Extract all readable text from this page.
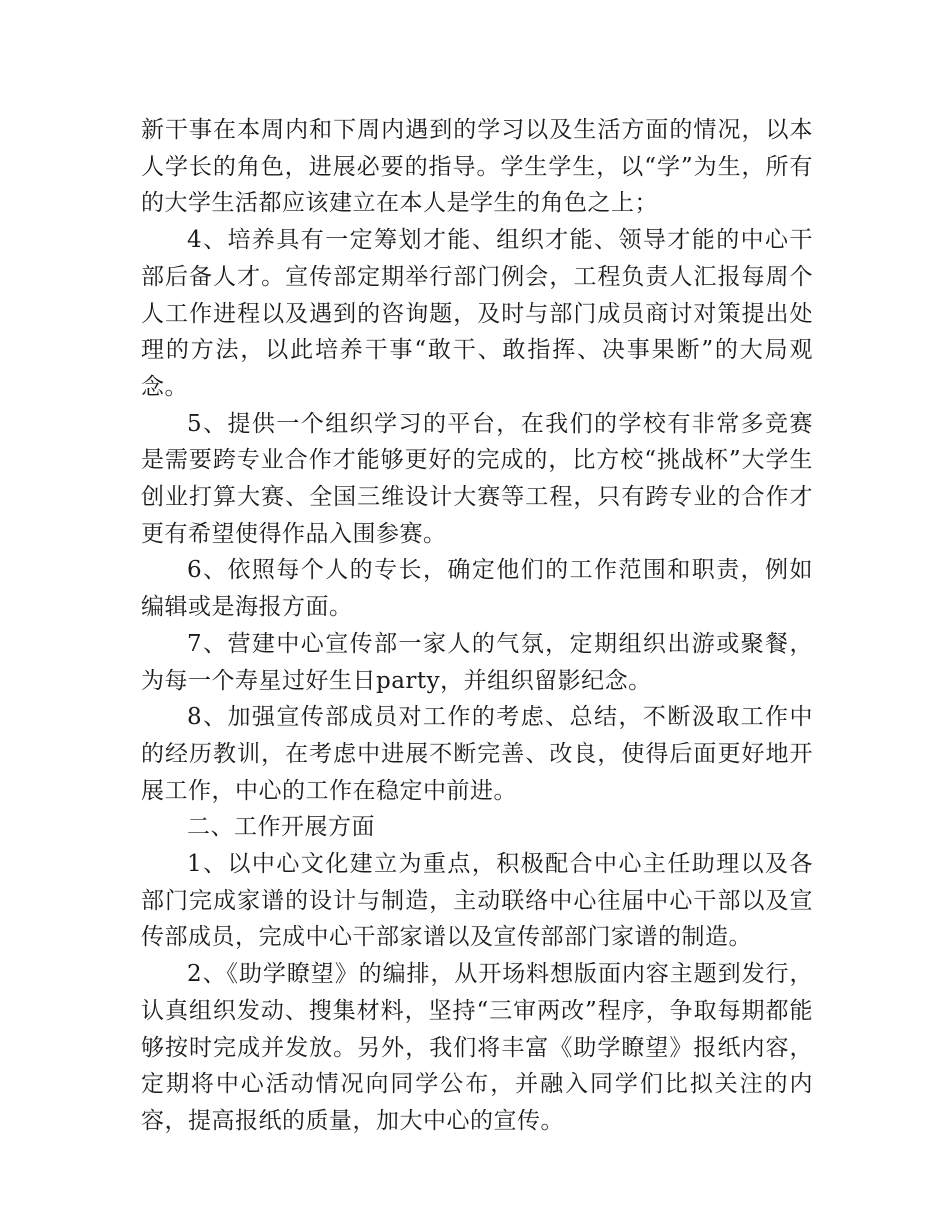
新干事在本周内和下周内遇到的学习以及生活方面的情况，以本人学长的角色，进展必要的指导。学生学生，以“学”为生，所有的大学生活都应该建立在本人是学生的角色之上；

4、培养具有一定筹划才能、组织才能、领导才能的中心干部后备人才。宣传部定期举行部门例会，工程负责人汇报每周个人工作进程以及遇到的咨询题，及时与部门成员商讨对策提出处理的方法，以此培养干事“敢干、敢指挥、决事果断”的大局观念。

5、提供一个组织学习的平台，在我们的学校有非常多竞赛是需要跨专业合作才能够更好的完成的，比方校“挑战杯”大学生创业打算大赛、全国三维设计大赛等工程，只有跨专业的合作才更有希望使得作品入围参赛。

6、依照每个人的专长，确定他们的工作范围和职责，例如编辑或是海报方面。

7、营建中心宣传部一家人的气氛，定期组织出游或聚餐，为每一个寿星过好生日party，并组织留影纪念。

8、加强宣传部成员对工作的考虑、总结，不断汲取工作中的经历教训，在考虑中进展不断完善、改良，使得后面更好地开展工作，中心的工作在稳定中前进。

二、工作开展方面

1、以中心文化建立为重点，积极配合中心主任助理以及各部门完成家谱的设计与制造，主动联络中心往届中心干部以及宣传部成员，完成中心干部家谱以及宣传部部门家谱的制造。

2、《助学瞭望》的编排，从开场料想版面内容主题到发行，认真组织发动、搜集材料，坚持“三审两改”程序，争取每期都能够按时完成并发放。另外，我们将丰富《助学瞭望》报纸内容，定期将中心活动情况向同学公布，并融入同学们比拟关注的内容，提高报纸的质量，加大中心的宣传。
